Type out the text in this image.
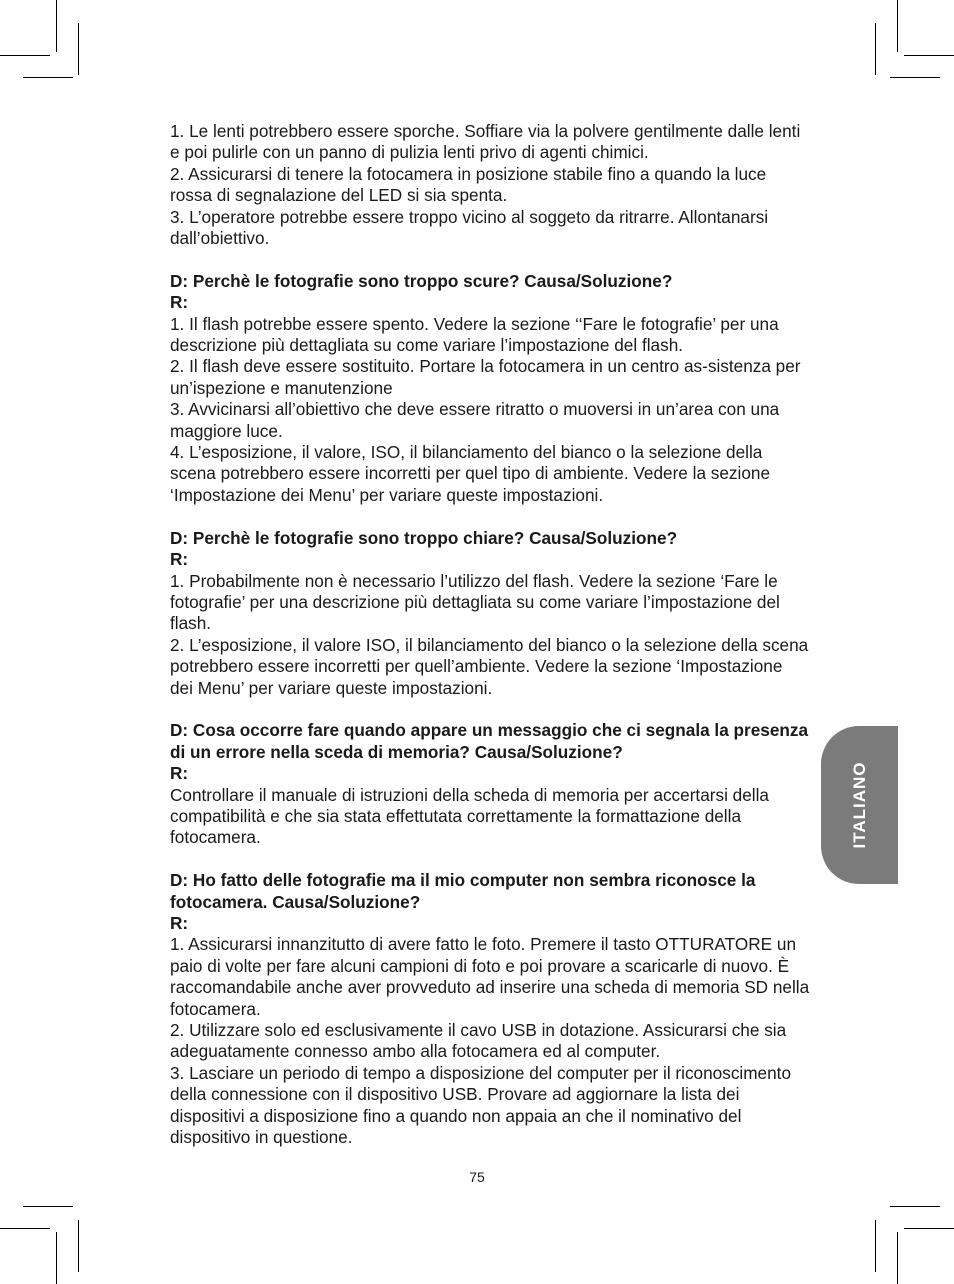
1. Le lenti potrebbero essere sporche. Soffiare via la polvere gentilmente dalle lenti e poi pulirle con un panno di pulizia lenti privo di agenti chimici.

2. Assicurarsi di tenere la fotocamera in posizione stabile fino a quando la luce rossa di segnalazione del LED si sia spenta.

3. L’operatore potrebbe essere troppo vicino al soggeto da ritrarre. Allontanarsi dall’obiettivo.

D: Perchè le fotografie sono troppo scure? Causa/Soluzione?

R:

1. Il flash potrebbe essere spento. Vedere la sezione ‘‘Fare le fotografie’ per una descrizione più dettagliata su come variare l’impostazione del flash.

2. Il flash deve essere sostituito. Portare la fotocamera in un centro as-sistenza per un’ispezione e manutenzione

3. Avvicinarsi all’obiettivo che deve essere ritratto o muoversi in un’area con una maggiore luce.

4. L’esposizione, il valore, ISO, il bilanciamento del bianco o la selezione della scena potrebbero essere incorretti per quel tipo di ambiente. Vedere la sezione ‘Impostazione dei Menu’ per variare queste impostazioni.

D: Perchè le fotografie sono troppo chiare? Causa/Soluzione?

R:

1. Probabilmente non è necessario l’utilizzo del flash. Vedere la sezione ‘Fare le fotografie’ per una descrizione più dettagliata su come variare l’impostazione del flash.

2. L’esposizione, il valore ISO, il bilanciamento del bianco o la selezione della scena potrebbero essere incorretti per quell’ambiente. Vedere la sezione ‘Impostazione dei Menu’ per variare queste impostazioni.

D: Cosa occorre fare quando appare un messaggio che ci segnala la presenza di un errore nella sceda di memoria? Causa/Soluzione?

R:

Controllare il manuale di istruzioni della scheda di memoria per accertarsi della compatibilità e che sia stata effettutata correttamente la formattazione della fotocamera.

D: Ho fatto delle fotografie ma il mio computer non sembra riconosce la fotocamera. Causa/Soluzione?

R:

1. Assicurarsi innanzitutto di avere fatto le foto. Premere il tasto OTTURATORE un paio di volte per fare alcuni campioni di foto e poi provare a scaricarle di nuovo. È raccomandabile anche aver provveduto ad inserire una scheda di memoria SD nella fotocamera.

2. Utilizzare solo ed esclusivamente il cavo USB in dotazione. Assicurarsi che sia adeguatamente connesso ambo alla fotocamera ed al computer.

3. Lasciare un periodo di tempo a disposizione del computer per il riconoscimento della connessione con il dispositivo USB. Provare ad aggiornare la lista dei dispositivi a disposizione fino a quando non appaia an che il nominativo del dispositivo in questione.

ITALIANO
75
